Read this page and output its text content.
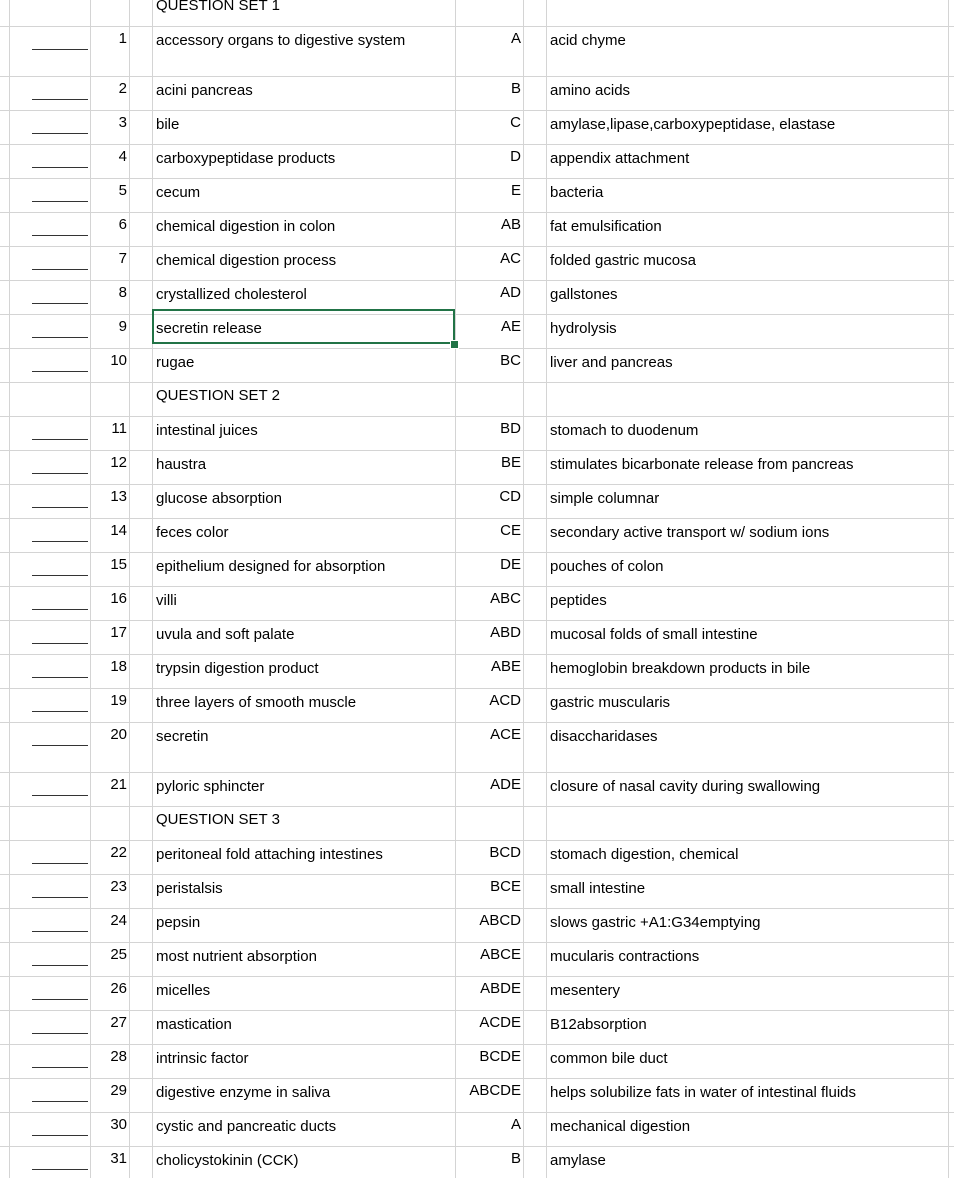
QUESTION SET 1
1 accessory organs to digestive system	A acid chyme
2 acini pancreas	B amino acids
3 bile	C amylase,lipase,carboxypeptidase, elastase
4 carboxypeptidase products	D appendix attachment
5 cecum	E bacteria
6 chemical digestion in colon	AB fat emulsification
7 chemical digestion process	AC folded gastric mucosa
8 crystallized cholesterol	AD gallstones
9 secretin release	AE hydrolysis
10 rugae	BC liver and pancreas
QUESTION SET 2
11 intestinal juices	BD stomach to duodenum
12 haustra	BE stimulates bicarbonate release from pancreas
13 glucose absorption	CD simple columnar
14 feces color	CE secondary active transport w/ sodium ions
15 epithelium designed for absorption	DE pouches of colon
16 villi	ABC peptides
17 uvula and soft palate	ABD mucosal folds of small intestine
18 trypsin digestion product	ABE hemoglobin breakdown products in bile
19 three layers of smooth muscle	ACD gastric muscularis
20 secretin	ACE disaccharidases
21 pyloric sphincter	ADE closure of nasal cavity during swallowing
QUESTION SET 3
22 peritoneal fold attaching intestines	BCD stomach digestion, chemical
23 peristalsis	BCE small intestine
24 pepsin	ABCD slows gastric +A1:G34emptying
25 most nutrient absorption	ABCE mucularis contractions
26 micelles	ABDE mesentery
27 mastication	ACDE B12absorption
28 intrinsic factor	BCDE common bile duct
29 digestive enzyme in saliva	ABCDE helps solubilize fats in water of intestinal fluids
30 cystic and pancreatic ducts	A mechanical digestion
31 cholicystokinin (CCK)	B amylase
